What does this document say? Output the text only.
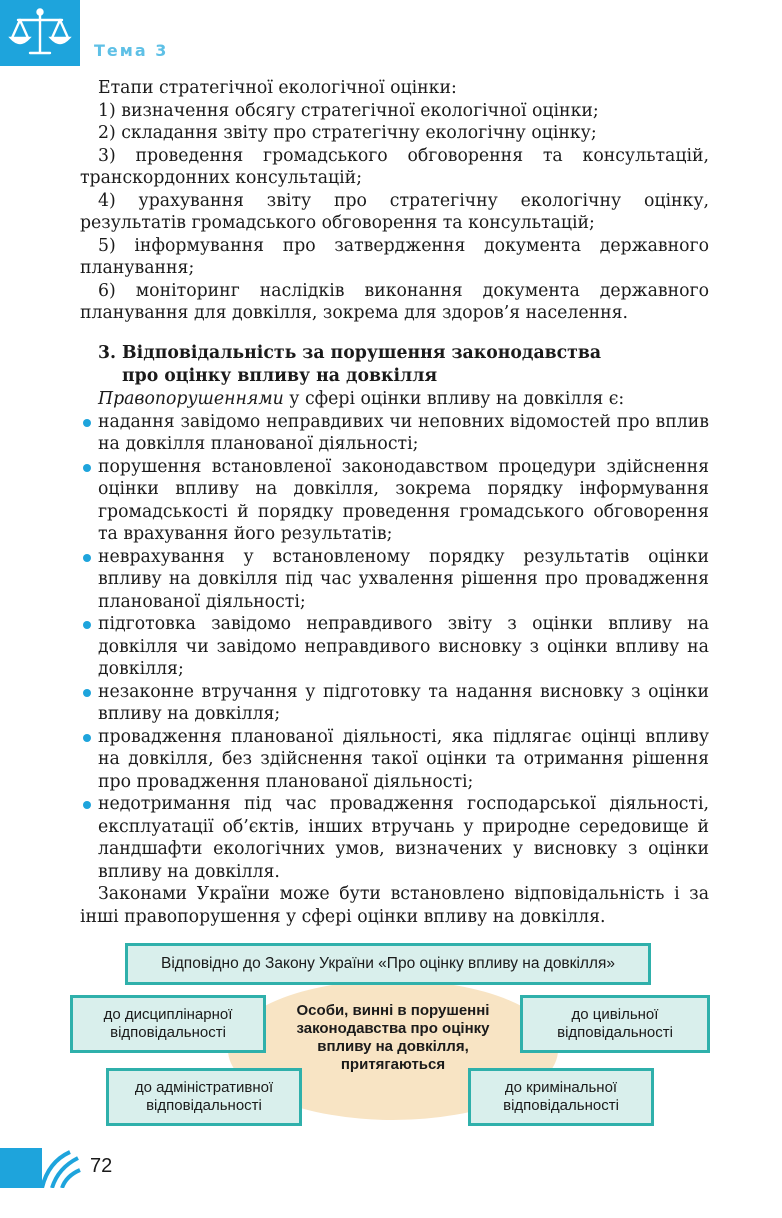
Тема 3

Етапи стратегічної екологічної оцінки:

1) визначення обсягу стратегічної екологічної оцінки;

2) складання звіту про стратегічну екологічну оцінку;

3) проведення громадського обговорення та консультацій, транскордонних консультацій;

4) урахування звіту про стратегічну екологічну оцінку, результатів громадського обговорення та консультацій;

5) інформування про затвердження документа державного планування;

6) моніторинг наслідків виконання документа державного планування для довкілля, зокрема для здоров’я населення.

3. Відповідальність за порушення законодавства
про оцінку впливу на довкілля

Правопорушеннями у сфері оцінки впливу на довкілля є:

надання завідомо неправдивих чи неповних відомостей про вплив на довкілля планованої діяльності;

порушення встановленої законодавством процедури здійснення оцінки впливу на довкілля, зокрема порядку інформування громадськості й порядку проведення громадського обговорення та врахування його результатів;

неврахування у встановленому порядку результатів оцінки впливу на довкілля під час ухвалення рішення про провадження планованої діяльності;

підготовка завідомо неправдивого звіту з оцінки впливу на довкілля чи завідомо неправдивого висновку з оцінки впливу на довкілля;

незаконне втручання у підготовку та надання висновку з оцінки впливу на довкілля;

провадження планованої діяльності, яка підлягає оцінці впливу на довкілля, без здійснення такої оцінки та отримання рішення про провадження планованої діяльності;

недотримання під час провадження господарської діяльності, експлуатації об’єктів, інших втручань у природне середовище й ландшафти екологічних умов, визначених у висновку з оцінки впливу на довкілля.

Законами України може бути встановлено відповідальність і за інші правопорушення у сфері оцінки впливу на довкілля.

Відповідно до Закону України «Про оцінку впливу на довкілля»
до дисциплінарної
відповідальності
до цивільної
відповідальності
до адміністративної
відповідальності
до кримінальної
відповідальності
Особи, винні в порушенні законодавства про оцінку впливу на довкілля, притягаються
72
